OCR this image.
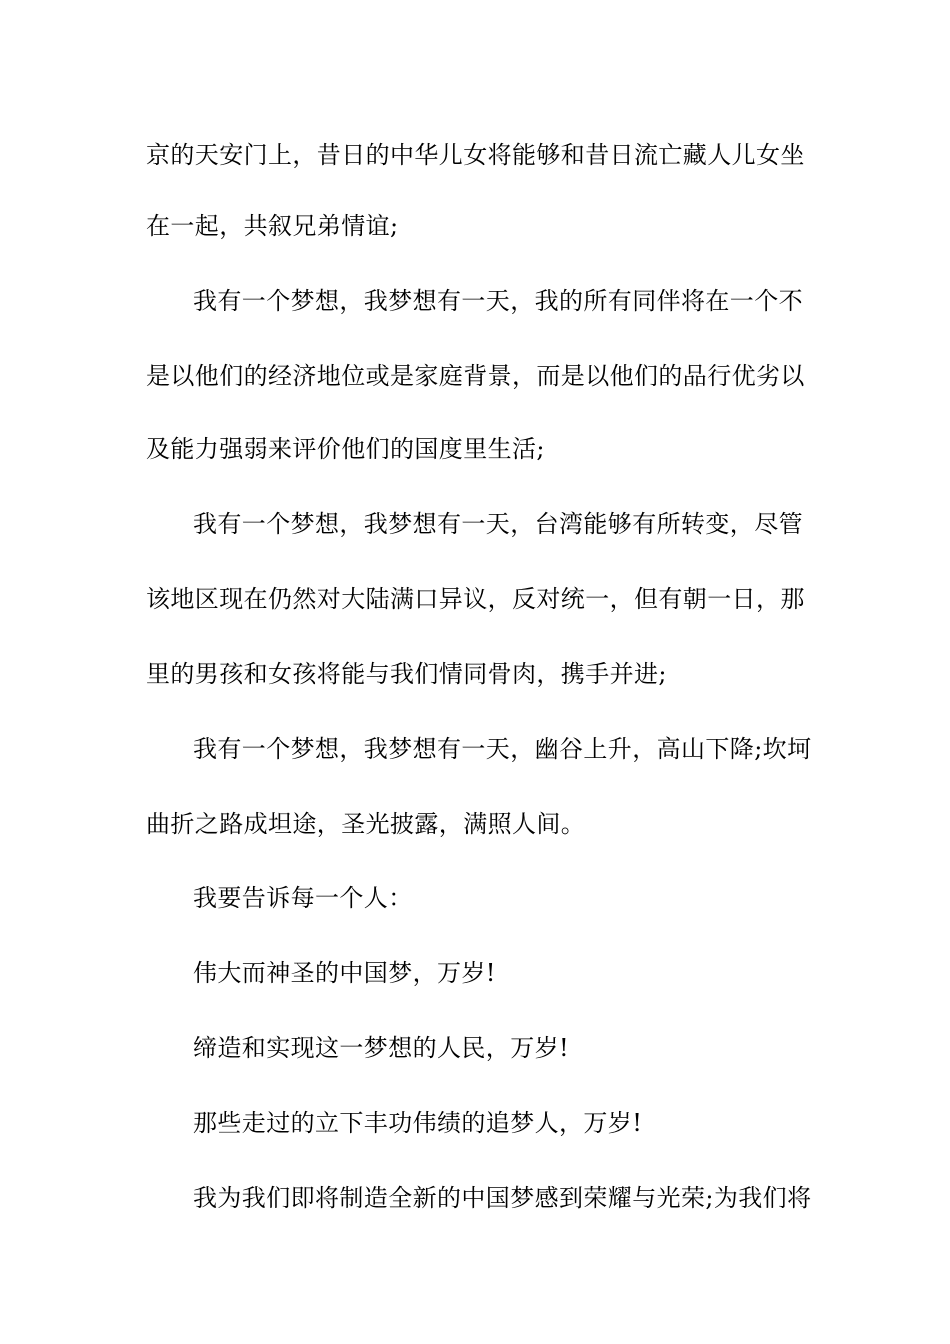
京的天安门上，昔日的中华儿女将能够和昔日流亡藏人儿女坐
在一起，共叙兄弟情谊;
我有一个梦想，我梦想有一天，我的所有同伴将在一个不
是以他们的经济地位或是家庭背景，而是以他们的品行优劣以
及能力强弱来评价他们的国度里生活;
我有一个梦想，我梦想有一天，台湾能够有所转变，尽管
该地区现在仍然对大陆满口异议，反对统一，但有朝一日，那
里的男孩和女孩将能与我们情同骨肉，携手并进;
我有一个梦想，我梦想有一天，幽谷上升，高山下降;坎坷
曲折之路成坦途，圣光披露，满照人间。
我要告诉每一个人：
伟大而神圣的中国梦，万岁!
缔造和实现这一梦想的人民，万岁!
那些走过的立下丰功伟绩的追梦人，万岁!
我为我们即将制造全新的中国梦感到荣耀与光荣;为我们将
